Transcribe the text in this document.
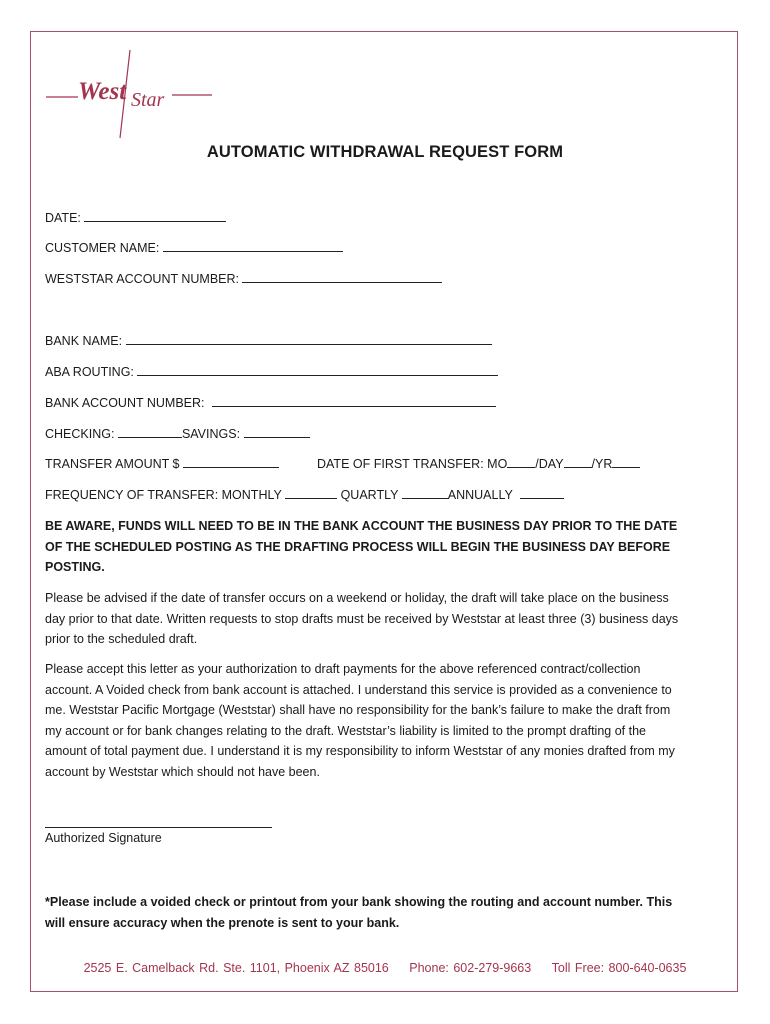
West Star
AUTOMATIC WITHDRAWAL REQUEST FORM
DATE:
CUSTOMER NAME:
WESTSTAR ACCOUNT NUMBER:
BANK NAME:
ABA ROUTING:
BANK ACCOUNT NUMBER:
CHECKING:	SAVINGS:
TRANSFER AMOUNT $	DATE OF FIRST TRANSFER: MO /DAY /YR
FREQUENCY OF TRANSFER: MONTHLY	QUARTLY	ANNUALLY
BE AWARE, FUNDS WILL NEED TO BE IN THE BANK ACCOUNT THE BUSINESS DAY PRIOR TO THE DATE OF THE SCHEDULED POSTING AS THE DRAFTING PROCESS WILL BEGIN THE BUSINESS DAY BEFORE POSTING.
Please be advised if the date of transfer occurs on a weekend or holiday, the draft will take place on the business day prior to that date. Written requests to stop drafts must be received by Weststar at least three (3) business days prior to the scheduled draft.
Please accept this letter as your authorization to draft payments for the above referenced contract/collection account. A Voided check from bank account is attached. I understand this service is provided as a convenience to me. Weststar Pacific Mortgage (Weststar) shall have no responsibility for the bank’s failure to make the draft from my account or for bank changes relating to the draft. Weststar’s liability is limited to the prompt drafting of the amount of total payment due. I understand it is my responsibility to inform Weststar of any monies drafted from my account by Weststar which should not have been.
Authorized Signature
*Please include a voided check or printout from your bank showing the routing and account number. This will ensure accuracy when the prenote is sent to your bank.
2525 E. Camelback Rd. Ste. 1101, Phoenix AZ 85016 Phone: 602-279-9663 Toll Free: 800-640-0635
